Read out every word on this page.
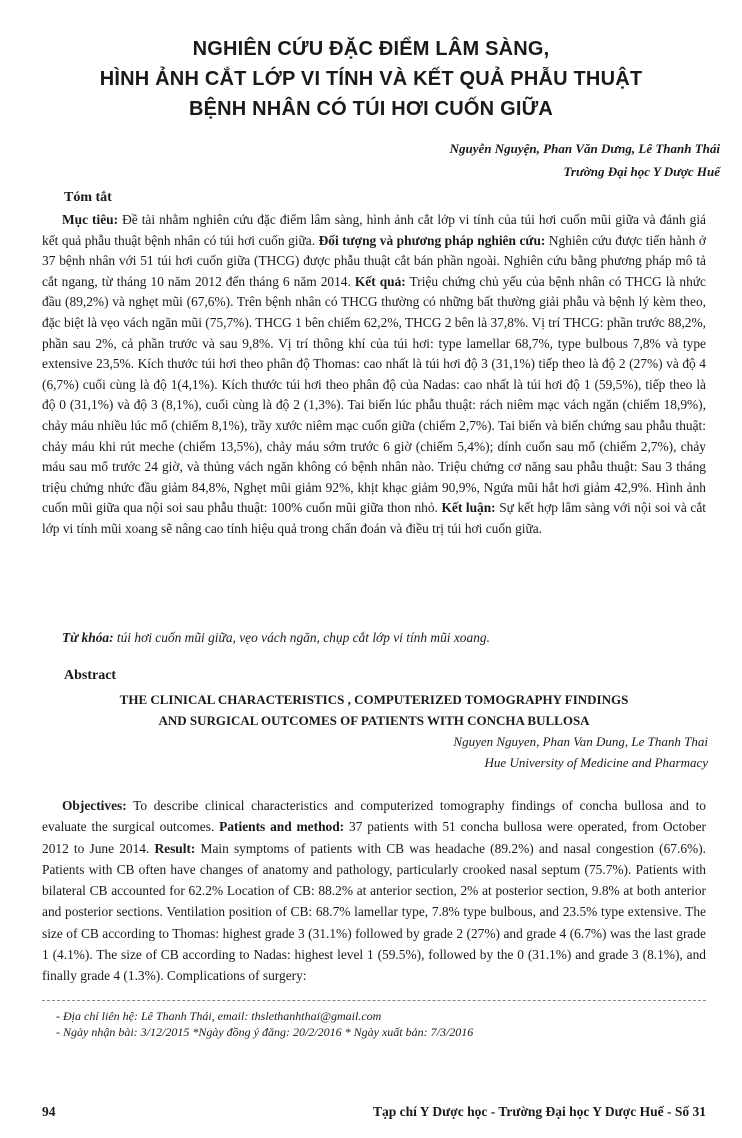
NGHIÊN CỨU ĐẶC ĐIỂM LÂM SÀNG,
HÌNH ẢNH CẮT LỚP VI TÍNH VÀ KẾT QUẢ PHẪU THUẬT
BỆNH NHÂN CÓ TÚI HƠI CUỐN GIỮA
Nguyễn Nguyện, Phan Văn Dưng, Lê Thanh Thái
Trường Đại học Y Dược Huế
Tóm tắt
Mục tiêu: Đề tài nhằm nghiên cứu đặc điểm lâm sàng, hình ảnh cắt lớp vi tính của túi hơi cuốn mũi giữa và đánh giá kết quả phẫu thuật bệnh nhân có túi hơi cuốn giữa. Đối tượng và phương pháp nghiên cứu: Nghiên cứu được tiến hành ở 37 bệnh nhân với 51 túi hơi cuốn giữa (THCG) được phẫu thuật cắt bán phần ngoài. Nghiên cứu bằng phương pháp mô tả cắt ngang, từ tháng 10 năm 2012 đến tháng 6 năm 2014. Kết quả: Triệu chứng chủ yếu của bệnh nhân có THCG là nhức đầu (89,2%) và nghẹt mũi (67,6%). Trên bệnh nhân có THCG thường có những bất thường giải phẫu và bệnh lý kèm theo, đặc biệt là vẹo vách ngăn mũi (75,7%). THCG 1 bên chiếm 62,2%, THCG 2 bên là 37,8%. Vị trí THCG: phần trước 88,2%, phần sau 2%, cả phần trước và sau 9,8%. Vị trí thông khí của túi hơi: type lamellar 68,7%, type bulbous 7,8% và type extensive 23,5%. Kích thước túi hơi theo phân độ Thomas: cao nhất là túi hơi độ 3 (31,1%) tiếp theo là độ 2 (27%) và độ 4 (6,7%) cuối cùng là độ 1(4,1%). Kích thước túi hơi theo phân độ của Nadas: cao nhất là túi hơi độ 1 (59,5%), tiếp theo là độ 0 (31,1%) và độ 3 (8,1%), cuối cùng là độ 2 (1,3%). Tai biến lúc phẫu thuật: rách niêm mạc vách ngăn (chiếm 18,9%), chảy máu nhiều lúc mổ (chiếm 8,1%), trầy xước niêm mạc cuốn giữa (chiếm 2,7%). Tai biến và biến chứng sau phẫu thuật: chảy máu khi rút meche (chiếm 13,5%), chảy máu sớm trước 6 giờ (chiếm 5,4%); dính cuốn sau mổ (chiếm 2,7%), chảy máu sau mổ trước 24 giờ, và thủng vách ngăn không có bệnh nhân nào. Triệu chứng cơ năng sau phẫu thuật: Sau 3 tháng triệu chứng nhức đầu giảm 84,8%, Nghẹt mũi giảm 92%, khịt khạc giảm 90,9%, Ngứa mũi hắt hơi giảm 42,9%. Hình ảnh cuốn mũi giữa qua nội soi sau phẫu thuật: 100% cuốn mũi giữa thon nhỏ. Kết luận: Sự kết hợp lâm sàng với nội soi và cắt lớp vi tính mũi xoang sẽ nâng cao tính hiệu quả trong chẩn đoán và điều trị túi hơi cuốn giữa.
Từ khóa: túi hơi cuốn mũi giữa, vẹo vách ngăn, chụp cắt lớp vi tính mũi xoang.
Abstract
THE CLINICAL CHARACTERISTICS , COMPUTERIZED TOMOGRAPHY FINDINGS
AND SURGICAL OUTCOMES OF PATIENTS WITH CONCHA BULLOSA
Nguyen Nguyen, Phan Van Dung, Le Thanh Thai
Hue University of Medicine and Pharmacy
Objectives: To describe clinical characteristics and computerized tomography findings of concha bullosa and to evaluate the surgical outcomes. Patients and method: 37 patients with 51 concha bullosa were operated, from October 2012 to June 2014. Result: Main symptoms of patients with CB was headache (89.2%) and nasal congestion (67.6%). Patients with CB often have changes of anatomy and pathology, particularly crooked nasal septum (75.7%). Patients with bilateral CB accounted for 62.2% Location of CB: 88.2% at anterior section, 2% at posterior section, 9.8% at both anterior and posterior sections. Ventilation position of CB: 68.7% lamellar type, 7.8% type bulbous, and 23.5% type extensive. The size of CB according to Thomas: highest grade 3 (31.1%) followed by grade 2 (27%) and grade 4 (6.7%) was the last grade 1 (4.1%). The size of CB according to Nadas: highest level 1 (59.5%), followed by the 0 (31.1%) and grade 3 (8.1%), and finally grade 4 (1.3%). Complications of surgery:
- Địa chỉ liên hệ: Lê Thanh Thái, email: thslethanhthai@gmail.com
- Ngày nhận bài: 3/12/2015 *Ngày đồng ý đăng: 20/2/2016 * Ngày xuất bản: 7/3/2016
94	Tạp chí Y Dược học - Trường Đại học Y Dược Huế - Số 31
